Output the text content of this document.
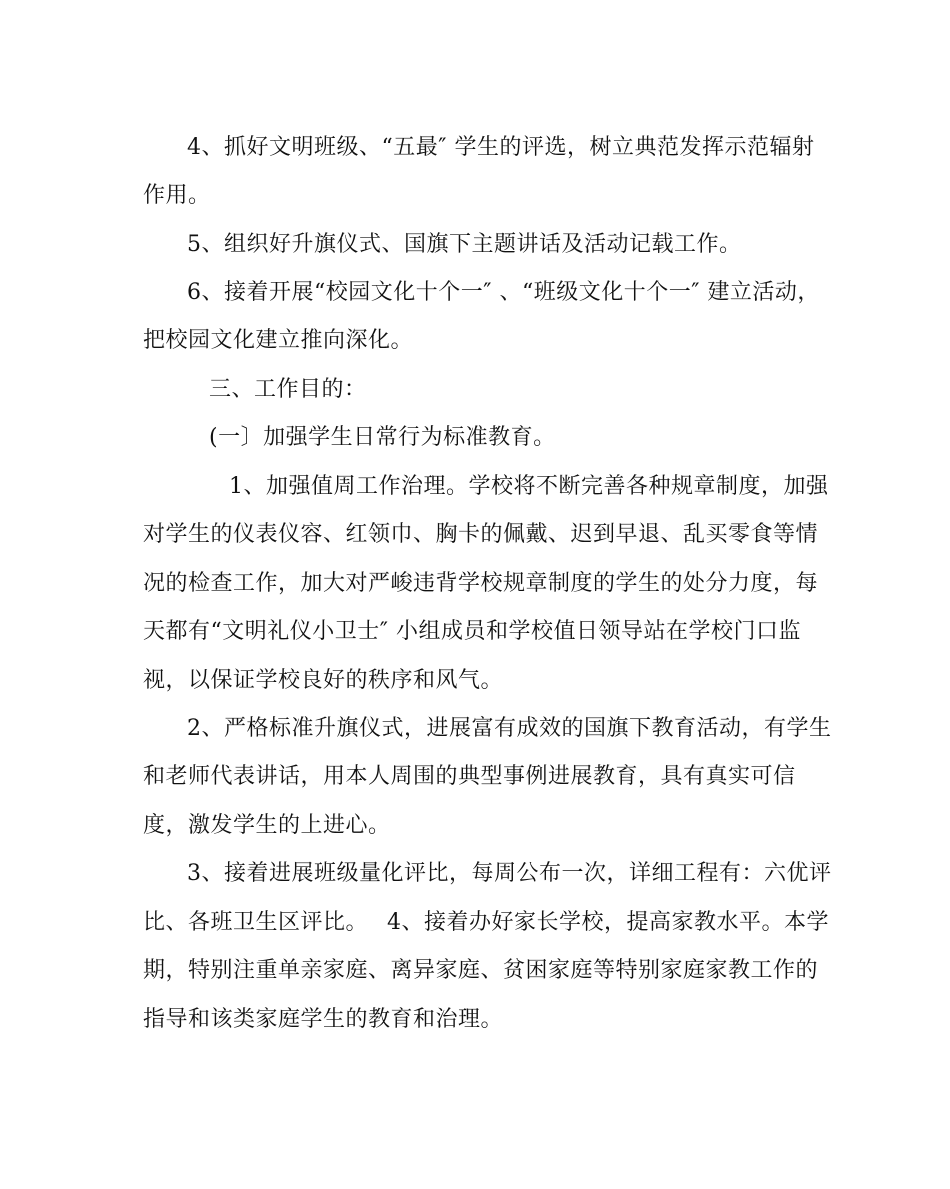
4、抓好文明班级、“五最″ 学生的评选，树立典范发挥示范辐射
作用。
5、组织好升旗仪式、国旗下主题讲话及活动记载工作。
6、接着开展“校园文化十个一″ 、“班级文化十个一″ 建立活动，
把校园文化建立推向深化。
三、工作目的：
(一〕加强学生日常行为标准教育。
1、加强值周工作治理。学校将不断完善各种规章制度，加强
对学生的仪表仪容、红领巾、胸卡的佩戴、迟到早退、乱买零食等情
况的检查工作，加大对严峻违背学校规章制度的学生的处分力度，每
天都有“文明礼仪小卫士″ 小组成员和学校值日领导站在学校门口监
视，以保证学校良好的秩序和风气。
2、严格标准升旗仪式，进展富有成效的国旗下教育活动，有学生
和老师代表讲话，用本人周围的典型事例进展教育，具有真实可信
度，激发学生的上进心。
3、接着进展班级量化评比，每周公布一次，详细工程有：六优评
比、各班卫生区评比。　 4、接着办好家长学校，提高家教水平。本学
期，特别注重单亲家庭、离异家庭、贫困家庭等特别家庭家教工作的
指导和该类家庭学生的教育和治理。
